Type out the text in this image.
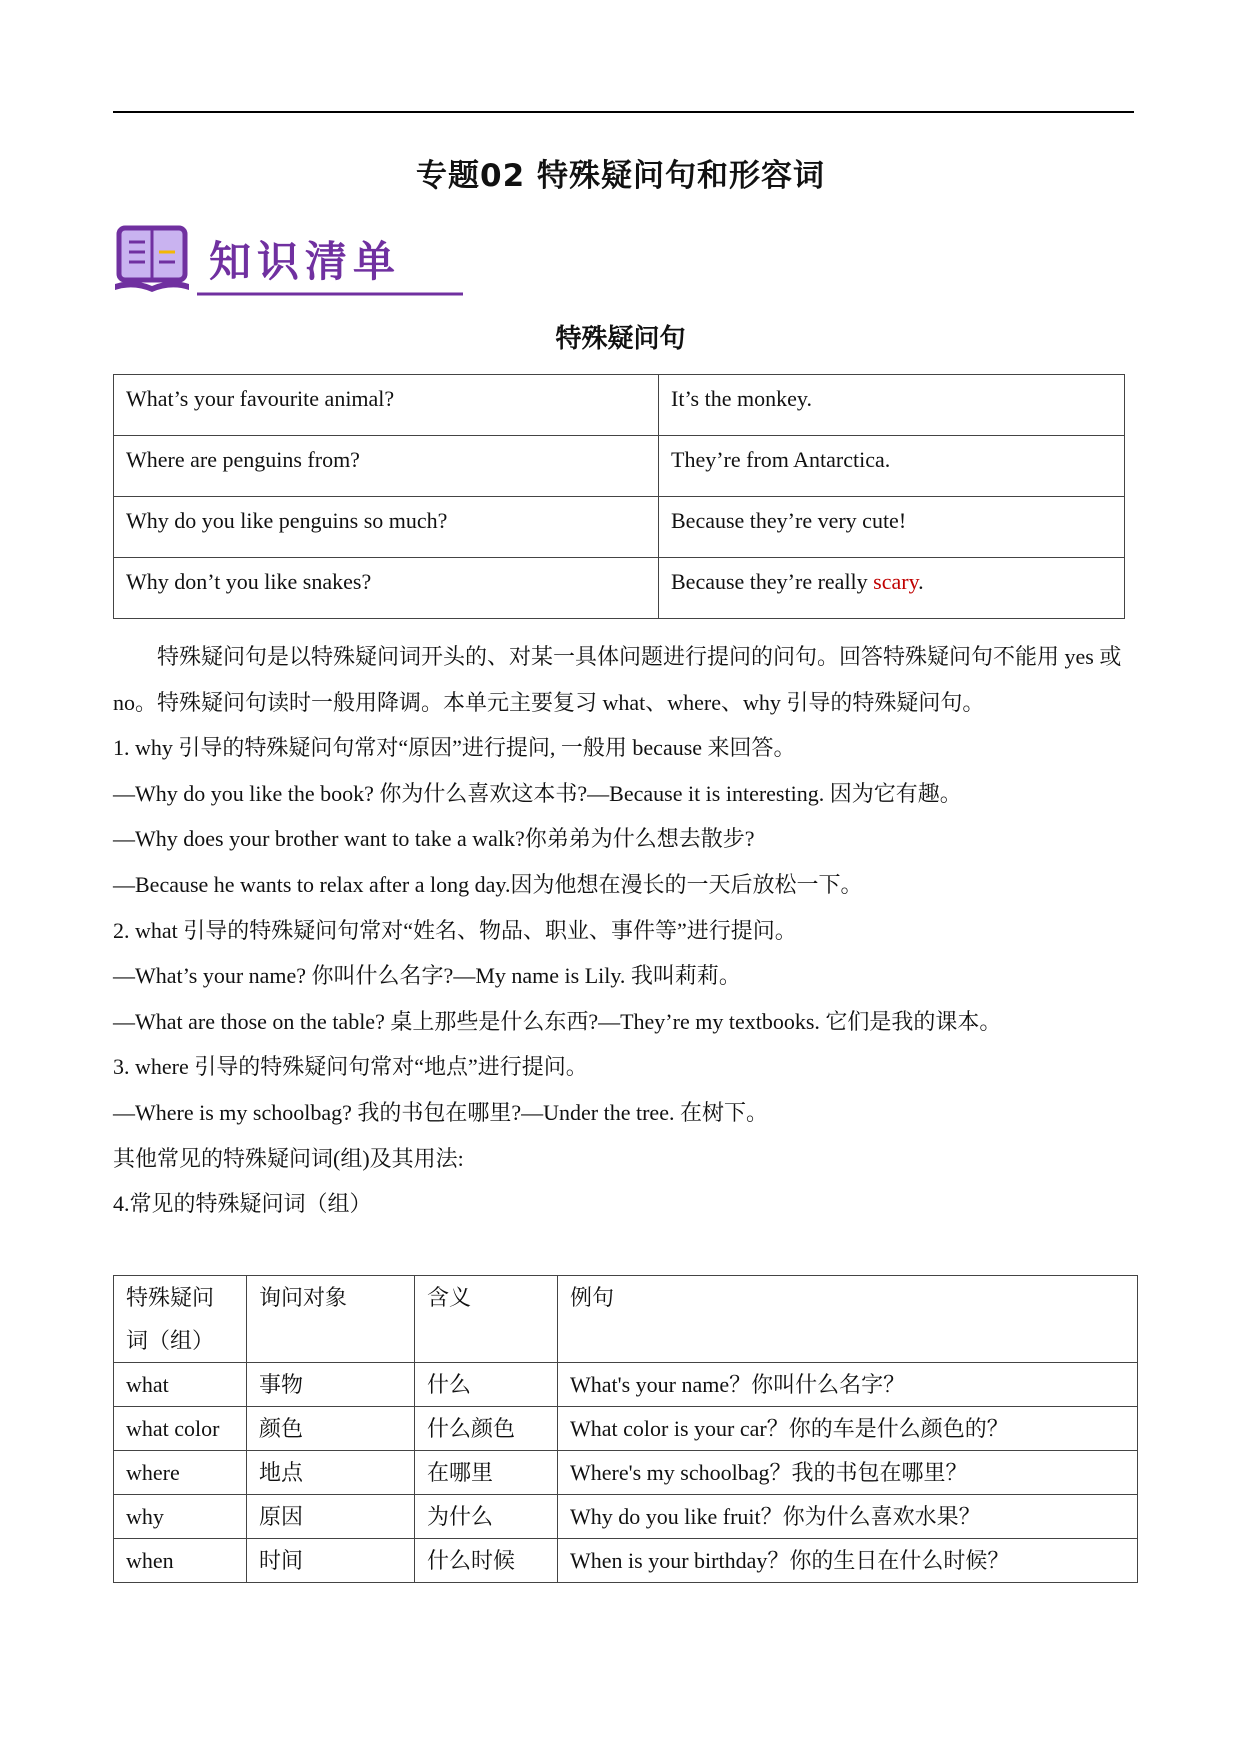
专题02 特殊疑问句和形容词
知识清单
特殊疑问句
What’s your favourite animal?	It’s the monkey.
Where are penguins from?	They’re from Antarctica.
Why do you like penguins so much?	Because they’re very cute!
Why don’t you like snakes?	Because they’re really scary.

特殊疑问句是以特殊疑问词开头的、对某一具体问题进行提问的问句。回答特殊疑问句不能用 yes 或 no。特殊疑问句读时一般用降调。本单元主要复习 what、where、why 引导的特殊疑问句。

1. why 引导的特殊疑问句常对“原因”进行提问, 一般用 because 来回答。

—Why do you like the book? 你为什么喜欢这本书?—Because it is interesting. 因为它有趣。

—Why does your brother want to take a walk?你弟弟为什么想去散步?

—Because he wants to relax after a long day.因为他想在漫长的一天后放松一下。

2. what 引导的特殊疑问句常对“姓名、物品、职业、事件等”进行提问。

—What’s your name? 你叫什么名字?—My name is Lily. 我叫莉莉。

—What are those on the table? 桌上那些是什么东西?—They’re my textbooks. 它们是我的课本。

3. where 引导的特殊疑问句常对“地点”进行提问。

—Where is my schoolbag? 我的书包在哪里?—Under the tree. 在树下。

其他常见的特殊疑问词(组)及其用法:

4.常见的特殊疑问词（组）

特殊疑问词（组）	询问对象	含义	例句
what	事物	什么	What's your name？你叫什么名字？
what color	颜色	什么颜色	What color is your car？你的车是什么颜色的？
where	地点	在哪里	Where's my schoolbag？我的书包在哪里？
why	原因	为什么	Why do you like fruit？你为什么喜欢水果？
when	时间	什么时候	When is your birthday？你的生日在什么时候？
